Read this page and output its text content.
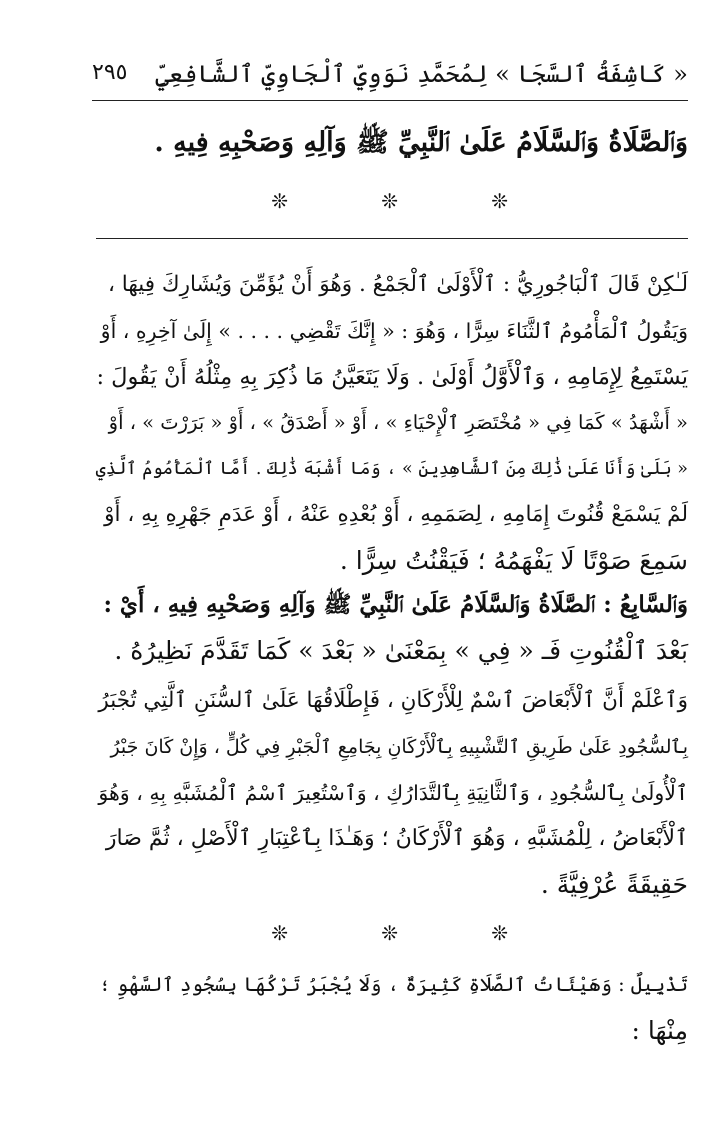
« كَاشِفَةُ ٱلسَّجَا » لِمُحَمَّدِ نَوَوِيِّ ٱلْجَاوِيِّ ٱلشَّافِعِيِّ
٢٩٥
وَٱلصَّلَاةُ وَٱلسَّلَامُ عَلَىٰ ٱلنَّبِيِّ ﷺ وَآلِهِ وَصَحْبِهِ فِيهِ .
❊
❊
❊
لَـٰكِنْ قَالَ ٱلْبَاجُورِيُّ : ٱلْأَوْلَىٰ ٱلْجَمْعُ . وَهُوَ أَنْ يُؤَمِّنَ وَيُشَارِكَ فِيهَا ،
وَيَقُولُ ٱلْمَأْمُومُ ٱلثَّنَاءَ سِرًّا ، وَهُوَ : « إِنَّكَ تَقْضِي . . . . » إِلَىٰ آخِرِهِ ، أَوْ
يَسْتَمِعُ لِإِمَامِهِ ، وَٱلْأَوَّلُ أَوْلَىٰ . وَلَا يَتَعَيَّنُ مَا ذُكِرَ بِهِ مِثْلُهُ أَنْ يَقُولَ :
« أَشْهَدُ » كَمَا فِي « مُخْتَصَرِ ٱلْإِحْيَاءِ » ، أَوْ « أَصْدَقُ » ، أَوْ « بَرَرْتَ » ، أَوْ
« بَلَىٰ وَأَنَا عَلَىٰ ذَٰلِكَ مِنَ ٱلشَّاهِدِينَ » ، وَمَا أَشْبَهَ ذَٰلِكَ . أَمَّا ٱلْمَأْمُومُ ٱلَّذِي
لَمْ يَسْمَعْ قُنُوتَ إِمَامِهِ ، لِصَمَمِهِ ، أَوْ بُعْدِهِ عَنْهُ ، أَوْ عَدَمِ جَهْرِهِ بِهِ ، أَوْ
سَمِعَ صَوْتًا لَا يَفْهَمُهُ ؛ فَيَقْنُتُ سِرًّا .
وَٱلسَّابِعُ : ٱلصَّلَاةُ وَٱلسَّلَامُ عَلَىٰ ٱلنَّبِيِّ ﷺ وَآلِهِ وَصَحْبِهِ فِيهِ ، أَيْ :
بَعْدَ ٱلْقُنُوتِ فَـ « فِي » بِمَعْنَىٰ « بَعْدَ » كَمَا تَقَدَّمَ نَظِيرُهُ .
وَٱعْلَمْ أَنَّ ٱلْأَبْعَاضَ ٱسْمٌ لِلْأَرْكَانِ ، فَإِطْلَاقُهَا عَلَىٰ ٱلسُّنَنِ ٱلَّتِي تُجْبَرُ
بِٱلسُّجُودِ عَلَىٰ طَرِيقِ ٱلتَّشْبِيهِ بِٱلْأَرْكَانِ بِجَامِعِ ٱلْجَبْرِ فِي كُلٍّ ، وَإِنْ كَانَ جَبْرُ
ٱلْأُولَىٰ بِٱلسُّجُودِ ، وَٱلثَّانِيَةِ بِٱلتَّدَارُكِ ، وَٱسْتُعِيرَ ٱسْمُ ٱلْمُشَبَّهِ بِهِ ، وَهُوَ
ٱلْأَبْعَاضُ ، لِلْمُشَبَّهِ ، وَهُوَ ٱلْأَرْكَانُ ؛ وَهَـٰذَا بِٱعْتِبَارِ ٱلْأَصْلِ ، ثُمَّ صَارَ
حَقِيقَةً عُرْفِيَّةً .
❊
❊
❊
تَذْيِيلٌ : وَهَيْئَاتُ ٱلصَّلَاةِ كَثِيرَةٌ ، وَلَا يُجْبَرُ تَرْكُهَا بِسُجُودِ ٱلسَّهْوِ ؛
مِنْهَا :
